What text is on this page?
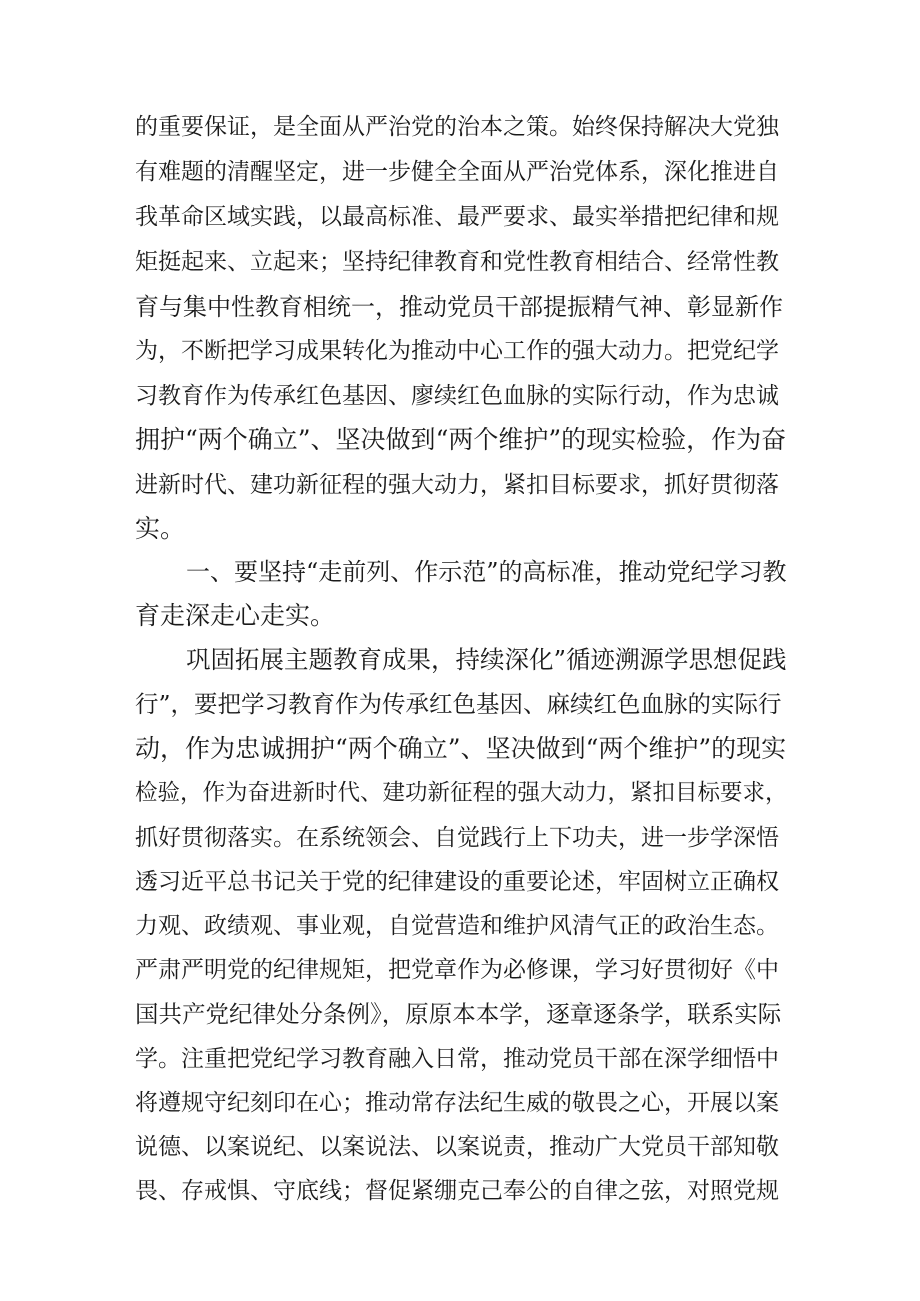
的重要保证，是全面从严治党的治本之策。始终保持解决大党独
有难题的清醒坚定，进一步健全全面从严治党体系，深化推进自
我革命区域实践，以最高标准、最严要求、最实举措把纪律和规
矩挺起来、立起来；坚持纪律教育和党性教育相结合、经常性教
育与集中性教育相统一，推动党员干部提振精气神、彰显新作
为，不断把学习成果转化为推动中心工作的强大动力。把党纪学
习教育作为传承红色基因、廖续红色血脉的实际行动，作为忠诚
拥护“两个确立”、坚决做到“两个维护”的现实检验，作为奋
进新时代、建功新征程的强大动力，紧扣目标要求，抓好贯彻落
实。
一、要坚持“走前列、作示范”的高标准，推动党纪学习教
育走深走心走实。
巩固拓展主题教育成果，持续深化”循迹溯源学思想促践
行”，要把学习教育作为传承红色基因、麻续红色血脉的实际行
动，作为忠诚拥护“两个确立”、坚决做到“两个维护”的现实
检验，作为奋进新时代、建功新征程的强大动力，紧扣目标要求，
抓好贯彻落实。在系统领会、自觉践行上下功夫，进一步学深悟
透习近平总书记关于党的纪律建设的重要论述，牢固树立正确权
力观、政绩观、事业观，自觉营造和维护风清气正的政治生态。
严肃严明党的纪律规矩，把党章作为必修课，学习好贯彻好《中
国共产党纪律处分条例》，原原本本学，逐章逐条学，联系实际
学。注重把党纪学习教育融入日常，推动党员干部在深学细悟中
将遵规守纪刻印在心；推动常存法纪生威的敬畏之心，开展以案
说德、以案说纪、以案说法、以案说责，推动广大党员干部知敬
畏、存戒惧、守底线；督促紧绷克己奉公的自律之弦，对照党规
